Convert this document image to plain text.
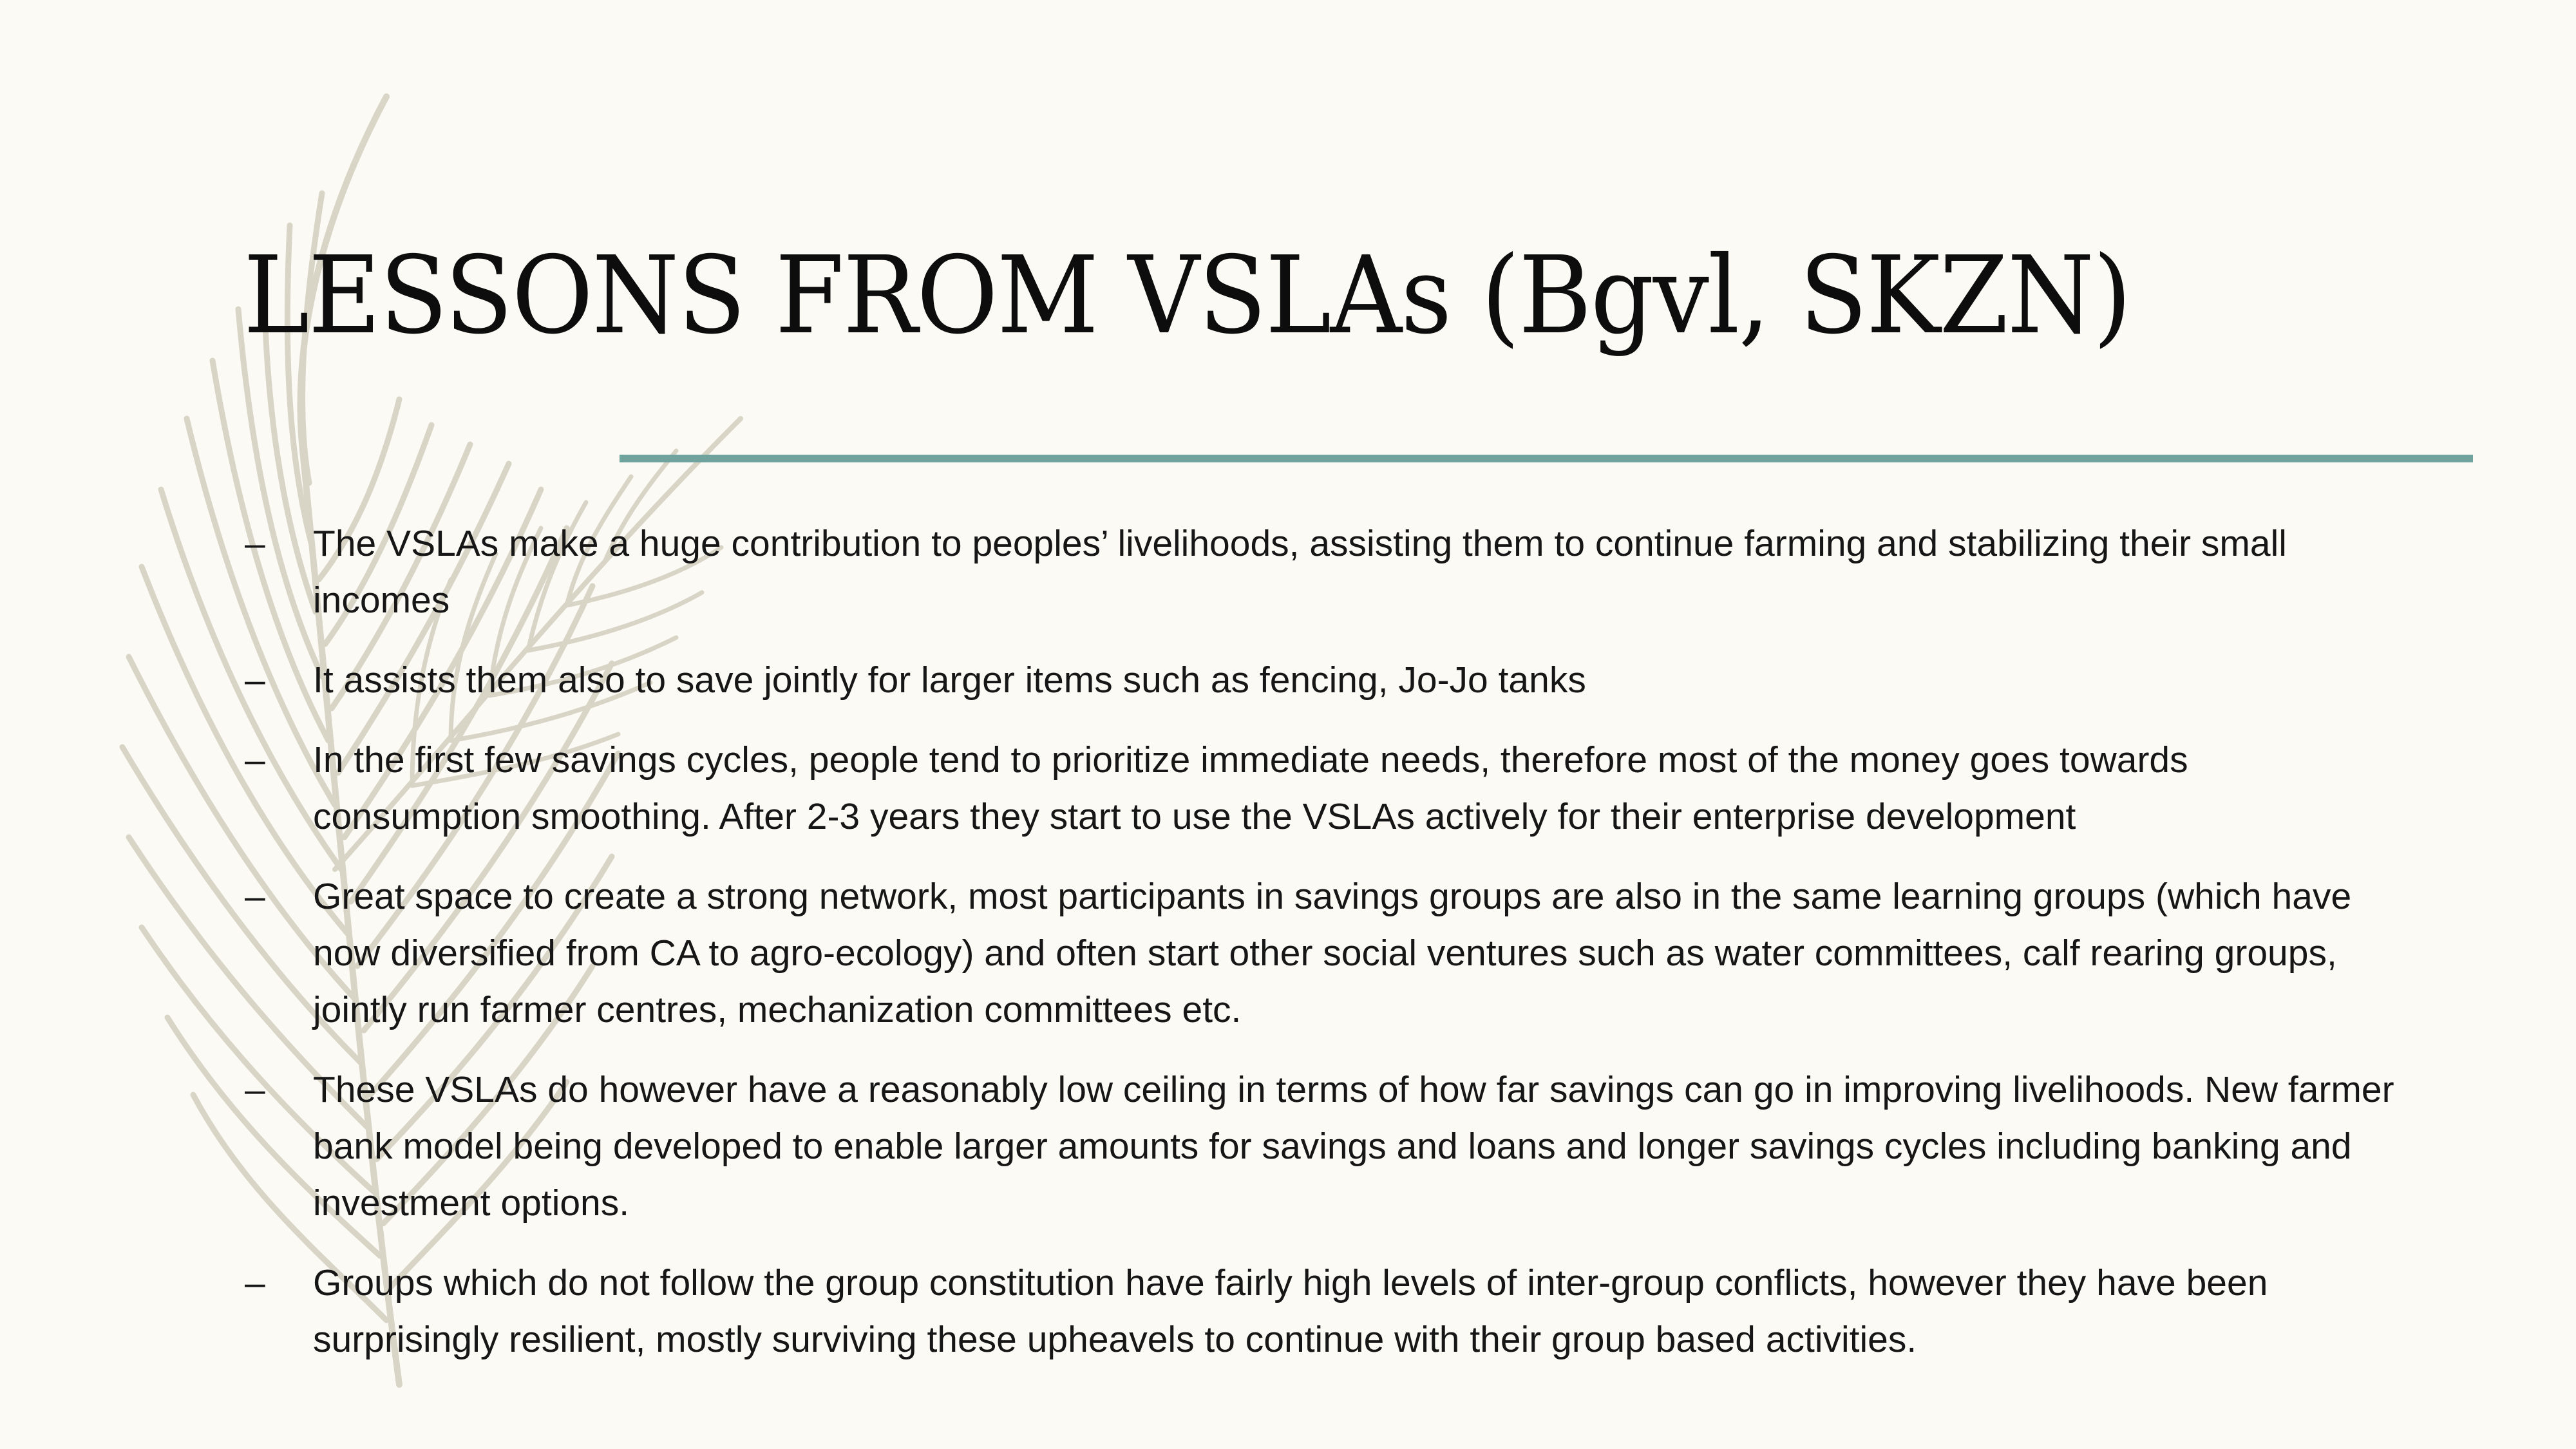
LESSONS FROM VSLAs (Bgvl, SKZN)
–	The VSLAs make a huge contribution to peoples’ livelihoods, assisting them to continue farming and stabilizing their small incomes
–	It assists them also to save jointly for larger items such as fencing, Jo-Jo tanks
–	In the first few savings cycles, people tend to prioritize immediate needs, therefore most of the money goes towards consumption smoothing. After 2-3 years they start to use the VSLAs actively for their enterprise development
–	Great space to create a strong network, most participants in savings groups are also in the same learning groups (which have now diversified from CA to agro-ecology) and often start other social ventures such as water committees, calf rearing groups, jointly run farmer centres, mechanization committees etc.
–	These VSLAs do however have a reasonably low ceiling in terms of how far savings can go in improving livelihoods. New farmer bank model being developed to enable larger amounts for savings and loans and longer savings cycles including banking and investment options.
–	Groups which do not follow the group constitution have fairly high levels of inter-group conflicts, however they have been surprisingly resilient, mostly surviving these upheavels to continue with their group based activities.
